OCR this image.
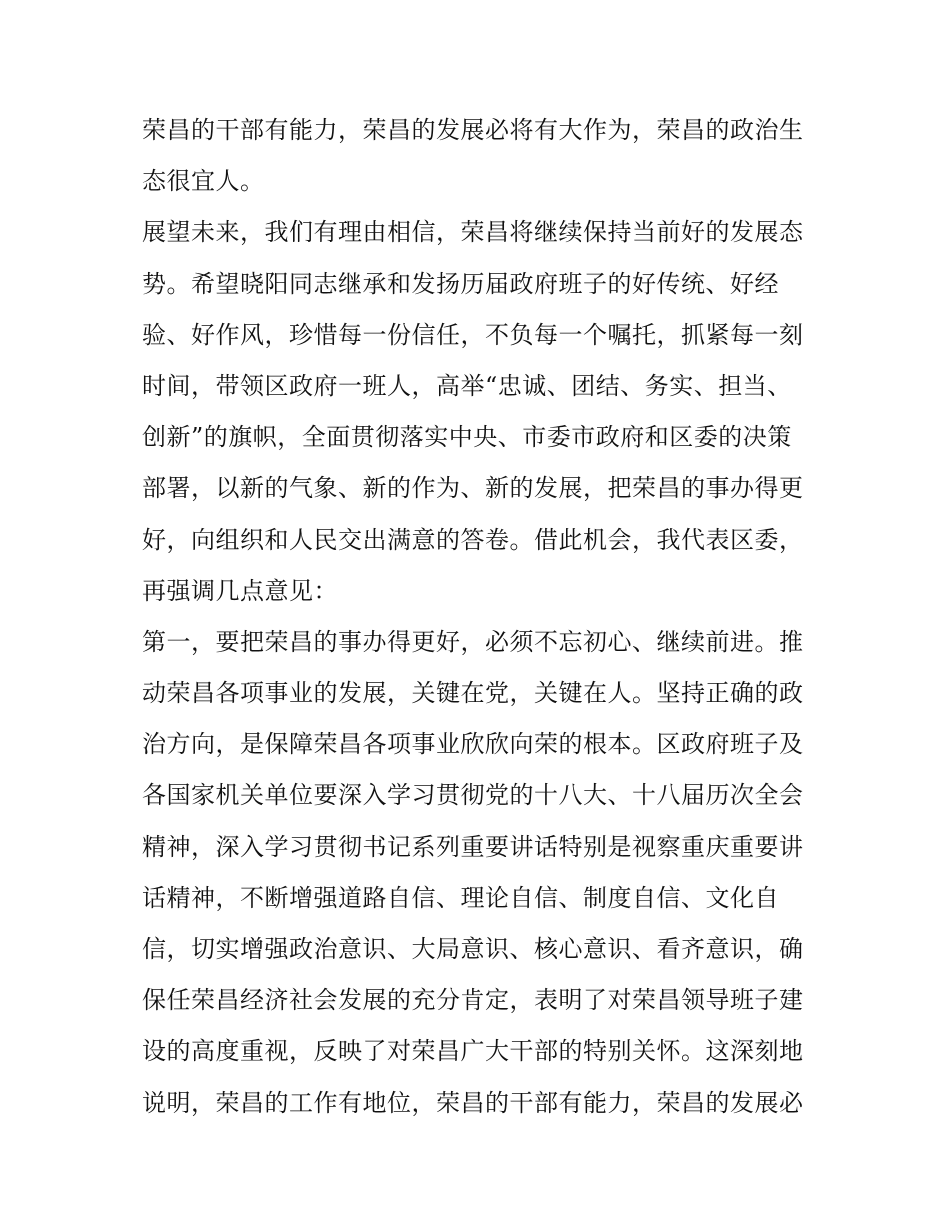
荣昌的干部有能力，荣昌的发展必将有大作为，荣昌的政治生
态很宜人。
展望未来，我们有理由相信，荣昌将继续保持当前好的发展态
势。希望晓阳同志继承和发扬历届政府班子的好传统、好经
验、好作风，珍惜每一份信任，不负每一个嘱托，抓紧每一刻
时间，带领区政府一班人，高举“忠诚、团结、务实、担当、
创新”的旗帜，全面贯彻落实中央、市委市政府和区委的决策
部署，以新的气象、新的作为、新的发展，把荣昌的事办得更
好，向组织和人民交出满意的答卷。借此机会，我代表区委，
再强调几点意见：
第一，要把荣昌的事办得更好，必须不忘初心、继续前进。推
动荣昌各项事业的发展，关键在党，关键在人。坚持正确的政
治方向，是保障荣昌各项事业欣欣向荣的根本。区政府班子及
各国家机关单位要深入学习贯彻党的十八大、十八届历次全会
精神，深入学习贯彻书记系列重要讲话特别是视察重庆重要讲
话精神，不断增强道路自信、理论自信、制度自信、文化自
信，切实增强政治意识、大局意识、核心意识、看齐意识，确
保任荣昌经济社会发展的充分肯定，表明了对荣昌领导班子建
设的高度重视，反映了对荣昌广大干部的特别关怀。这深刻地
说明，荣昌的工作有地位，荣昌的干部有能力，荣昌的发展必
